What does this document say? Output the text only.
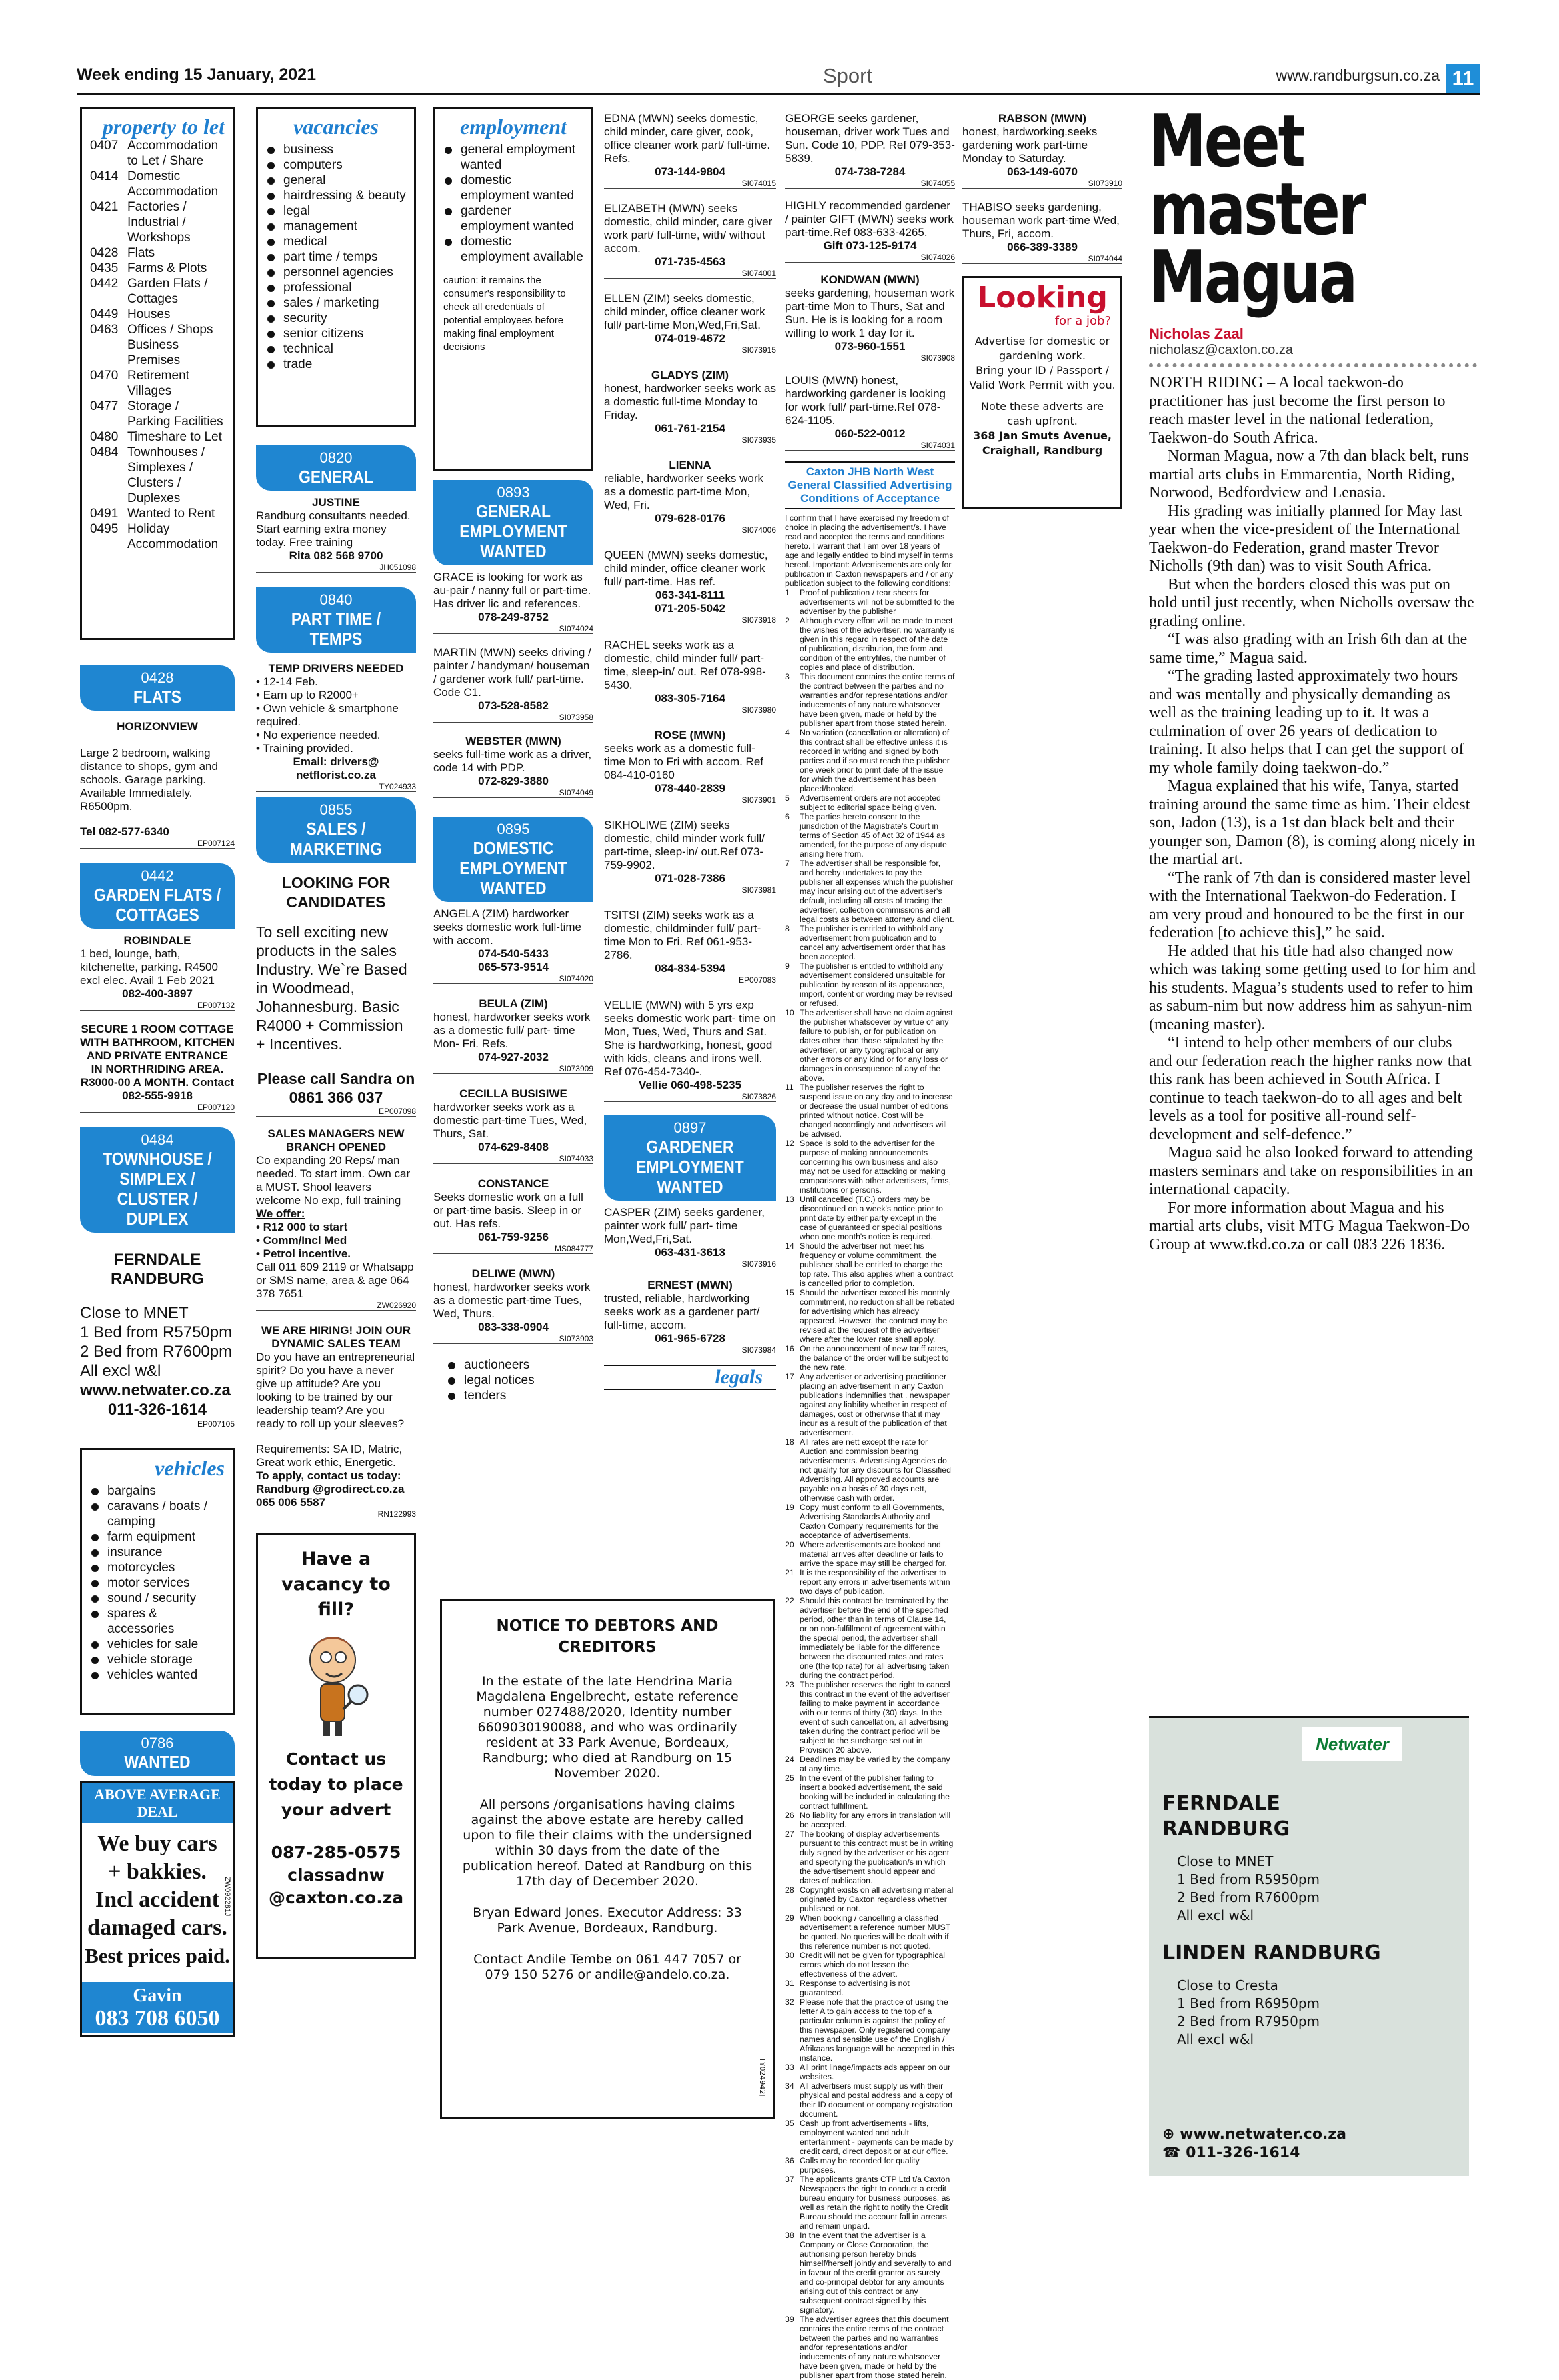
Week ending 15 January, 2021	Sport	www.randburgsun.co.za 11
property to let
0407 Accommodation to Let / Share
0414 Domestic Accommodation
0421 Factories / Industrial / Workshops
0428 Flats
0435 Farms & Plots
0442 Garden Flats / Cottages
0449 Houses
0463 Offices / Shops Business Premises
0470 Retirement Villages
0477 Storage / Parking Facilities
0480 Timeshare to Let
0484 Townhouses / Simplexes / Clusters / Duplexes
0491 Wanted to Rent
0495 Holiday Accommodation
0428
FLATS
HORIZONVIEW
Large 2 bedroom, walking distance to shops, gym and schools. Garage parking. Available Immediately. R6500pm.
Tel 082-577-6340
EP007124
0442
GARDEN FLATS / COTTAGES
ROBINDALE
1 bed, lounge, bath, kitchenette, parking. R4500 excl elec. Avail 1 Feb 2021
082-400-3897
EP007132
SECURE 1 ROOM COTTAGE WITH BATHROOM, KITCHEN AND PRIVATE ENTRANCE IN NORTHRIDING AREA. R3000-00 A MONTH. Contact 082-555-9918
EP007120
0484
TOWNHOUSE / SIMPLEX / CLUSTER / DUPLEX
FERNDALE RANDBURG
Close to MNET
1 Bed from R5750pm
2 Bed from R7600pm
All excl w&l
www.netwater.co.za
011-326-1614
EP007105
vehicles
bargains
caravans / boats / camping
farm equipment
insurance
motorcycles
motor services
sound / security
spares & accessories
vehicles for sale
vehicle storage
vehicles wanted
0786
WANTED
ABOVE AVERAGE DEAL
We buy cars
+ bakkies.
Incl accident
damaged cars.
Best prices paid.
Gavin
083 708 6050
ZW092281J
vacancies
business
computers
general
hairdressing & beauty
legal
management
medical
part time / temps
personnel agencies
professional
sales / marketing
security
senior citizens
technical
trade
0820
GENERAL
JUSTINE
Randburg consultants needed. Start earning extra money today. Free training
Rita 082 568 9700
JH051098
0840
PART TIME / TEMPS
TEMP DRIVERS NEEDED
• 12-14 Feb.
• Earn up to R2000+
• Own vehicle & smartphone required.
• No experience needed.
• Training provided.
Email: drivers@ netflorist.co.za
TY024933
0855
SALES / MARKETING
LOOKING FOR CANDIDATES
To sell exciting new products in the sales Industry. We`re Based in Woodmead, Johannesburg. Basic R4000 + Commission + Incentives.
Please call Sandra on 0861 366 037
EP007098
SALES MANAGERS NEW BRANCH OPENED
Co expanding 20 Reps/ man needed. To start imm. Own car a MUST. Shool leavers welcome No exp, full training
We offer:
• R12 000 to start
• Comm/Incl Med
• Petrol incentive.
Call 011 609 2119 or Whatsapp or SMS name, area & age 064 378 7651
ZW026920
WE ARE HIRING! JOIN OUR DYNAMIC SALES TEAM
Do you have an entrepreneurial spirit? Do you have a never give up attitude? Are you looking to be trained by our leadership team? Are you ready to roll up your sleeves?
Requirements: SA ID, Matric, Great work ethic, Energetic.
To apply, contact us today: Randburg @grodirect.co.za 065 006 5587
RN122993
Have a vacancy to fill?
Contact us today to place your advert
087-285-0575
classadnw @caxton.co.za
employment
general employment wanted
domestic employment wanted
gardener employment wanted
domestic employment available
caution: it remains the consumer's responsibility to check all credentials of potential employees before making final employment decisions
0893
GENERAL EMPLOYMENT WANTED
GRACE is looking for work as au-pair / nanny full or part-time. Has driver lic and references.
078-249-8752
SI074024
MARTIN (MWN) seeks driving / painter / handyman/ houseman / gardener work full/ part-time. Code C1.
073-528-8582
SI073958
WEBSTER (MWN)
seeks full-time work as a driver, code 14 with PDP.
072-829-3880
SI074049
0895
DOMESTIC EMPLOYMENT WANTED
ANGELA (ZIM) hardworker seeks domestic work full-time with accom.
074-540-5433
065-573-9514
SI074020
BEULA (ZIM)
honest, hardworker seeks work as a domestic full/ part- time Mon- Fri. Refs.
074-927-2032
SI073909
CECILLA BUSISIWE
hardworker seeks work as a domestic part-time Tues, Wed, Thurs, Sat.
074-629-8408
SI074033
CONSTANCE
Seeks domestic work on a full or part-time basis. Sleep in or out. Has refs.
061-759-9256
MS084777
DELIWE (MWN)
honest, hardworker seeks work as a domestic part-time Tues, Wed, Thurs.
083-338-0904
SI073903
auctioneers
legal notices
tenders
EDNA (MWN) seeks domestic, child minder, care giver, cook, office cleaner work part/ full-time. Refs.
073-144-9804
SI074015
ELIZABETH (MWN) seeks domestic, child minder, care giver work part/ full-time, with/ without accom.
071-735-4563
SI074001
ELLEN (ZIM) seeks domestic, child minder, office cleaner work full/ part-time Mon,Wed,Fri,Sat.
074-019-4672
SI073915
GLADYS (ZIM)
honest, hardworker seeks work as a domestic full-time Monday to Friday.
061-761-2154
SI073935
LIENNA
reliable, hardworker seeks work as a domestic part-time Mon, Wed, Fri.
079-628-0176
SI074006
QUEEN (MWN) seeks domestic, child minder, office cleaner work full/ part-time. Has ref.
063-341-8111
071-205-5042
SI073918
RACHEL seeks work as a domestic, child minder full/ part-time, sleep-in/ out. Ref 078-998-5430.
083-305-7164
SI073980
ROSE (MWN)
seeks work as a domestic full-time Mon to Fri with accom. Ref 084-410-0160
078-440-2839
SI073901
SIKHOLIWE (ZIM) seeks domestic, child minder work full/ part-time, sleep-in/ out.Ref 073-759-9902.
071-028-7386
SI073981
TSITSI (ZIM) seeks work as a domestic, childminder full/ part-time Mon to Fri. Ref 061-953-2786.
084-834-5394
EP007083
VELLIE (MWN) with 5 yrs exp seeks domestic work part- time on Mon, Tues, Wed, Thurs and Sat. She is hardworking, honest, good with kids, cleans and irons well. Ref 076-454-7340-.
Vellie 060-498-5235
SI073826
0897
GARDENER EMPLOYMENT WANTED
CASPER (ZIM) seeks gardener, painter work full/ part- time Mon,Wed,Fri,Sat.
063-431-3613
SI073916
ERNEST (MWN)
trusted, reliable, hardworking seeks work as a gardener part/ full-time, accom.
061-965-6728
SI073984
legals
NOTICE TO DEBTORS AND CREDITORS
In the estate of the late Hendrina Maria Magdalena Engelbrecht, estate reference number 027488/2020, Identity number 6609030190088, and who was ordinarily resident at 33 Park Avenue, Bordeaux, Randburg; who died at Randburg on 15 November 2020.
All persons /organisations having claims against the above estate are hereby called upon to file their claims with the undersigned within 30 days from the date of the publication hereof. Dated at Randburg on this 17th day of December 2020.
Bryan Edward Jones. Executor Address: 33 Park Avenue, Bordeaux, Randburg.
Contact Andile Tembe on 061 447 7057 or 079 150 5276 or andile@andelo.co.za.
TY024942J
GEORGE seeks gardener, houseman, driver work Tues and Sun. Code 10, PDP. Ref 079-353-5839.
074-738-7284
SI074055
HIGHLY recommended gardener / painter GIFT (MWN) seeks work part-time.Ref 083-633-4265.
Gift 073-125-9174
SI074026
KONDWAN (MWN)
seeks gardening, houseman work part-time Mon to Thurs, Sat and Sun. He is is looking for a room willing to work 1 day for it.
073-960-1551
SI073908
LOUIS (MWN) honest, hardworking gardener is looking for work full/ part-time.Ref 078-624-1105.
060-522-0012
SI074031
Caxton JHB North West General Classified Advertising Conditions of Acceptance
I confirm that I have exercised my freedom of choice in placing the advertisement/s. I have read and accepted the terms and conditions hereto. I warrant that I am over 18 years of age and legally entitled to bind myself in terms hereof. Important: Advertisements are only for publication in Caxton newspapers and / or any publication subject to the following conditions:
1	Proof of publication / tear sheets for advertisements will not be submitted to the advertiser by the publisher
2	Although every effort will be made to meet the wishes of the advertiser, no warranty is given in this regard in respect of the date of publication, distribution, the form and condition of the entryfiles, the number of copies and place of distribution.
3	This document contains the entire terms of the contract between the parties and no warranties and/or representations and/or inducements of any nature whatsoever have been given, made or held by the publisher apart from those stated herein.
4	No variation (cancellation or alteration) of this contract shall be effective unless it is recorded in writing and signed by both parties and if so must reach the publisher one week prior to print date of the issue for which the advertisement has been placed/booked.
5	Advertisement orders are not accepted subject to editorial space being given.
6	The parties hereto consent to the jurisdiction of the Magistrate's Court in terms of Section 45 of Act 32 of 1944 as amended, for the purpose of any dispute arising here from.
7	The advertiser shall be responsible for, and hereby undertakes to pay the publisher all expenses which the publisher may incur arising out of the advertiser's default, including all costs of tracing the advertiser, collection commissions and all legal costs as between attorney and client.
8	The publisher is entitled to withhold any advertisement from publication and to cancel any advertisement order that has been accepted.
9	The publisher is entitled to withhold any advertisement considered unsuitable for publication by reason of its appearance, import, content or wording may be revised or refused.
10 The advertiser shall have no claim against the publisher whatsoever by virtue of any failure to publish, or for publication on dates other than those stipulated by the advertiser, or any typographical or any other errors or any kind or for any loss or damages in consequence of any of the above.
11 The publisher reserves the right to suspend issue on any day and to increase or decrease the usual number of editions printed without notice. Cost will be changed accordingly and advertisers will be advised.
12 Space is sold to the advertiser for the purpose of making announcements concerning his own business and also may not be used for attacking or making comparisons with other advertisers, firms, institutions or persons.
13 Until cancelled (T.C.) orders may be discontinued on a week's notice prior to print date by either party except in the case of guaranteed or special positions when one month's notice is required.
14 Should the advertiser not meet his frequency or volume commitment, the publisher shall be entitled to charge the top rate. This also applies when a contract is cancelled prior to completion.
15 Should the advertiser exceed his monthly commitment, no reduction shall be rebated for advertising which has already appeared. However, the contract may be revised at the request of the advertiser where after the lower rate shall apply.
16 On the announcement of new tariff rates, the balance of the order will be subject to the new rate.
17 Any advertiser or advertising practitioner placing an advertisement in any Caxton publications indemnifies that . newspaper against any liability whether in respect of damages, cost or otherwise that it may incur as a result of the publication of that advertisement.
18 All rates are nett except the rate for Auction and commission bearing advertisements. Advertising Agencies do not qualify for any discounts for Classified Advertising. All approved accounts are payable on a basis of 30 days nett, otherwise cash with order.
19 Copy must conform to all Governments, Advertising Standards Authority and Caxton Company requirements for the acceptance of advertisements.
20 Where advertisements are booked and material arrives after deadline or fails to arrive the space may still be charged for.
21 It is the responsibility of the advertiser to report any errors in advertisements within two days of publication.
22 Should this contract be terminated by the advertiser before the end of the specified period, other than in terms of Clause 14, or on non-fulfillment of agreement within the special period, the advertiser shall immediately be liable for the difference between the discounted rates and rates one (the top rate) for all advertising taken during the contract period.
23 The publisher reserves the right to cancel this contract in the event of the advertiser failing to make payment in accordance with our terms of thirty (30) days. In the event of such cancellation, all advertising taken during the contract period will be subject to the surcharge set out in Provision 20 above.
24 Deadlines may be varied by the company at any time.
25 In the event of the publisher failing to insert a booked advertisement, the said booking will be included in calculating the contract fulfillment.
26 No liability for any errors in translation will be accepted.
27 The booking of display advertisements pursuant to this contract must be in writing duly signed by the advertiser or his agent and specifying the publication/s in which the advertisement should appear and dates of publication.
28 Copyright exists on all advertising material originated by Caxton regardless whether published or not.
29 When booking / cancelling a classified advertisement a reference number MUST be quoted. No queries will be dealt with if this reference number is not quoted.
30 Credit will not be given for typographical errors which do not lessen the effectiveness of the advert.
31 Response to advertising is not guaranteed.
32 Please note that the practice of using the letter A to gain access to the top of a particular column is against the policy of this newspaper. Only registered company names and sensible use of the English / Afrikaans language will be accepted in this instance.
33 All print linage/impacts ads appear on our websites.
34 All advertisers must supply us with their physical and postal address and a copy of their ID document or company registration document.
35 Cash up front advertisements - lifts, employment wanted and adult entertainment - payments can be made by credit card, direct deposit or at our office.
36 Calls may be recorded for quality purposes.
37 The applicants grants CTP Ltd t/a Caxton Newspapers the right to conduct a credit bureau enquiry for business purposes, as well as retain the right to notify the Credit Bureau should the account fall in arrears and remain unpaid.
38 In the event that the advertiser is a Company or Close Corporation, the authorising person hereby binds himself/herself jointly and severally to and in favour of the credit grantor as surety and co-principal debtor for any amounts arising out of this contract or any subsequent contract signed by this signatory.
39 The advertiser agrees that this document contains the entire terms of the contract between the parties and no warranties and/or representations and/or inducements of any nature whatsoever have been given, made or held by the publisher apart from those stated herein.
RABSON (MWN)
honest, hardworking.seeks gardening work part-time Monday to Saturday.
063-149-6070
SI073910
THABISO seeks gardening, houseman work part-time Wed, Thurs, Fri, accom.
066-389-3389
SI074044
Looking
for a job?
Advertise for domestic or gardening work.
Bring your ID / Passport / Valid Work Permit with you.
Note these adverts are cash upfront.
368 Jan Smuts Avenue, Craighall, Randburg
Meet master Magua
Nicholas Zaal
nicholasz@caxton.co.za

NORTH RIDING – A local taekwon-do practitioner has just become the first person to reach master level in the national federation, Taekwon-do South Africa.

Norman Magua, now a 7th dan black belt, runs martial arts clubs in Emmarentia, North Riding, Norwood, Bedfordview and Lenasia.

His grading was initially planned for May last year when the vice-president of the International Taekwon-do Federation, grand master Trevor Nicholls (9th dan) was to visit South Africa.

But when the borders closed this was put on hold until just recently, when Nicholls oversaw the grading online.

“I was also grading with an Irish 6th dan at the same time,” Magua said.

“The grading lasted approximately two hours and was mentally and physically demanding as well as the training leading up to it. It was a culmination of over 26 years of dedication to training. It also helps that I can get the support of my whole family doing taekwon-do.”

Magua explained that his wife, Tanya, started training around the same time as him. Their eldest son, Jadon (13), is a 1st dan black belt and their younger son, Damon (8), is coming along nicely in the martial art.

“The rank of 7th dan is considered master level with the International Taekwon-do Federation. I am very proud and honoured to be the first in our federation [to achieve this],” he said.

He added that his title had also changed now which was taking some getting used to for him and his students. Magua’s students used to refer to him as sabum-nim but now address him as sahyun-nim (meaning master).

“I intend to help other members of our clubs and our federation reach the higher ranks now that this rank has been achieved in South Africa. I continue to teach taekwon-do to all ages and belt levels as a tool for positive all-round self-development and self-defence.”

Magua said he also looked forward to attending masters seminars and take on responsibilities in an international capacity.

For more information about Magua and his martial arts clubs, visit MTG Magua Taekwon-Do Group at www.tkd.co.za or call 083 226 1836.

Netwater
FERNDALE RANDBURG
Close to MNET
1 Bed from R5950pm
2 Bed from R7600pm
All excl w&l
LINDEN RANDBURG
Close to Cresta
1 Bed from R6950pm
2 Bed from R7950pm
All excl w&l
⊕ www.netwater.co.za
☎ 011-326-1614
